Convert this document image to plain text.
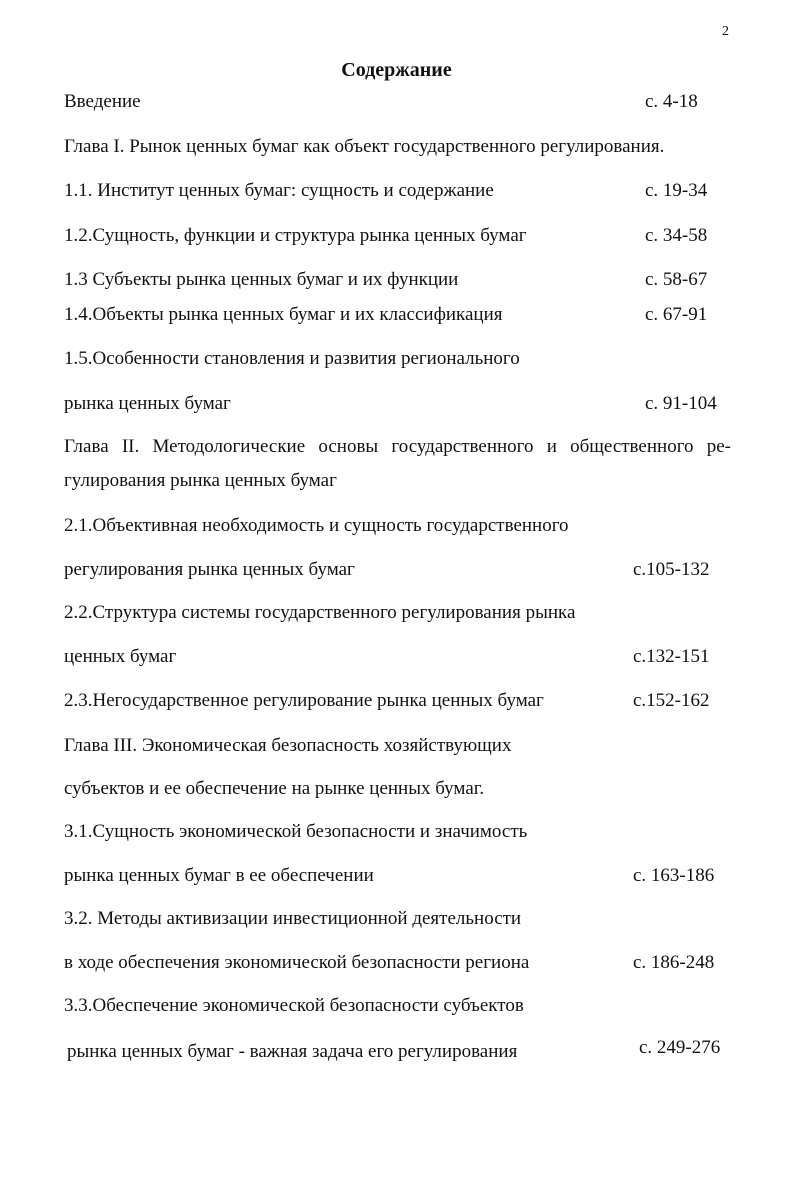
2
Содержание
Введение	с. 4-18
Глава I. Рынок ценных бумаг как объект государственного регулирования.
1.1. Институт ценных бумаг: сущность и содержание	с. 19-34
1.2.Сущность, функции и структура рынка ценных бумаг	с. 34-58
1.3 Субъекты рынка ценных бумаг и их функции	с. 58-67
1.4.Объекты рынка ценных бумаг и их классификация	с. 67-91
1.5.Особенности становления и развития регионального
рынка ценных бумаг	с. 91-104
Глава II. Методологические основы государственного и общественного ре-
гулирования рынка ценных бумаг
2.1.Объективная необходимость и сущность государственного
регулирования рынка ценных бумаг	с.105-132
2.2.Структура системы государственного регулирования рынка
ценных бумаг	с.132-151
2.3.Негосударственное регулирование рынка ценных бумаг	с.152-162
Глава III. Экономическая безопасность хозяйствующих
субъектов и ее обеспечение на рынке ценных бумаг.
3.1.Сущность экономической безопасности и значимость
рынка ценных бумаг в ее обеспечении	с. 163-186
3.2. Методы активизации инвестиционной деятельности
в ходе обеспечения экономической безопасности региона	с. 186-248
3.3.Обеспечение экономической безопасности субъектов
рынка ценных бумаг - важная задача его регулирования	с. 249-276
